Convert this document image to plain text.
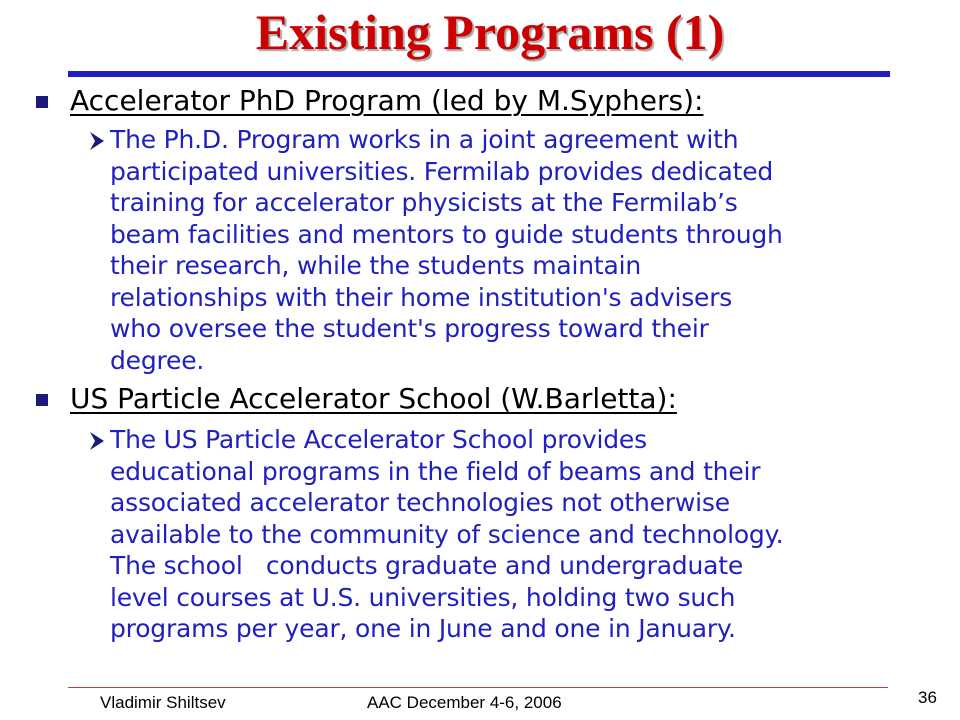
Existing Programs (1)
Accelerator PhD Program (led by M.Syphers):
The Ph.D. Program works in a joint agreement with
participated universities. Fermilab provides dedicated
training for accelerator physicists at the Fermilab’s
beam facilities and mentors to guide students through
their research, while the students maintain
relationships with their home institution's advisers
who oversee the student's progress toward their
degree.
US Particle Accelerator School (W.Barletta):
The US Particle Accelerator School provides
educational programs in the field of beams and their
associated accelerator technologies not otherwise
available to the community of science and technology.
The school   conducts graduate and undergraduate
level courses at U.S. universities, holding two such
programs per year, one in June and one in January.
Vladimir Shiltsev	AAC December 4-6, 2006	36
